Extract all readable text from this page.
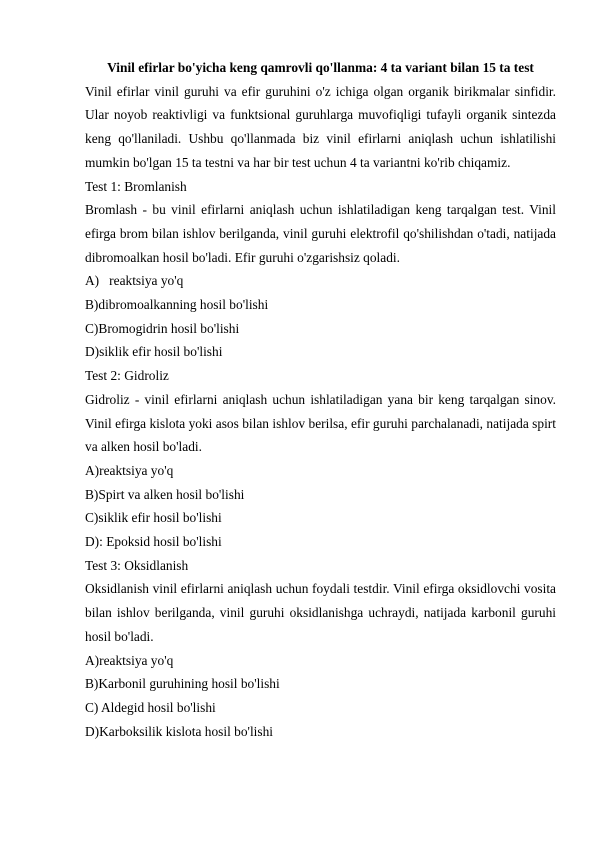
Vinil efirlar bo'yicha keng qamrovli qo'llanma: 4 ta variant bilan 15 ta test

Vinil efirlar vinil guruhi va efir guruhini o'z ichiga olgan organik birikmalar sinfidir. Ular noyob reaktivligi va funktsional guruhlarga muvofiqligi tufayli organik sintezda keng qo'llaniladi. Ushbu qo'llanmada biz vinil efirlarni aniqlash uchun ishlatilishi mumkin bo'lgan 15 ta testni va har bir test uchun 4 ta variantni ko'rib chiqamiz.

Test 1: Bromlanish

Bromlash - bu vinil efirlarni aniqlash uchun ishlatiladigan keng tarqalgan test. Vinil efirga brom bilan ishlov berilganda, vinil guruhi elektrofil qo'shilishdan o'tadi, natijada dibromoalkan hosil bo'ladi. Efir guruhi o'zgarishsiz qoladi.

A)   reaktsiya yo'q

B)dibromoalkanning hosil bo'lishi

C)Bromogidrin hosil bo'lishi

D)siklik efir hosil bo'lishi

Test 2: Gidroliz

Gidroliz - vinil efirlarni aniqlash uchun ishlatiladigan yana bir keng tarqalgan sinov. Vinil efirga kislota yoki asos bilan ishlov berilsa, efir guruhi parchalanadi, natijada spirt va alken hosil bo'ladi.

A)reaktsiya yo'q

B)Spirt va alken hosil bo'lishi

C)siklik efir hosil bo'lishi

D): Epoksid hosil bo'lishi

Test 3: Oksidlanish

Oksidlanish vinil efirlarni aniqlash uchun foydali testdir. Vinil efirga oksidlovchi vosita bilan ishlov berilganda, vinil guruhi oksidlanishga uchraydi, natijada karbonil guruhi hosil bo'ladi.

A)reaktsiya yo'q

B)Karbonil guruhining hosil bo'lishi

C) Aldegid hosil bo'lishi

D)Karboksilik kislota hosil bo'lishi
